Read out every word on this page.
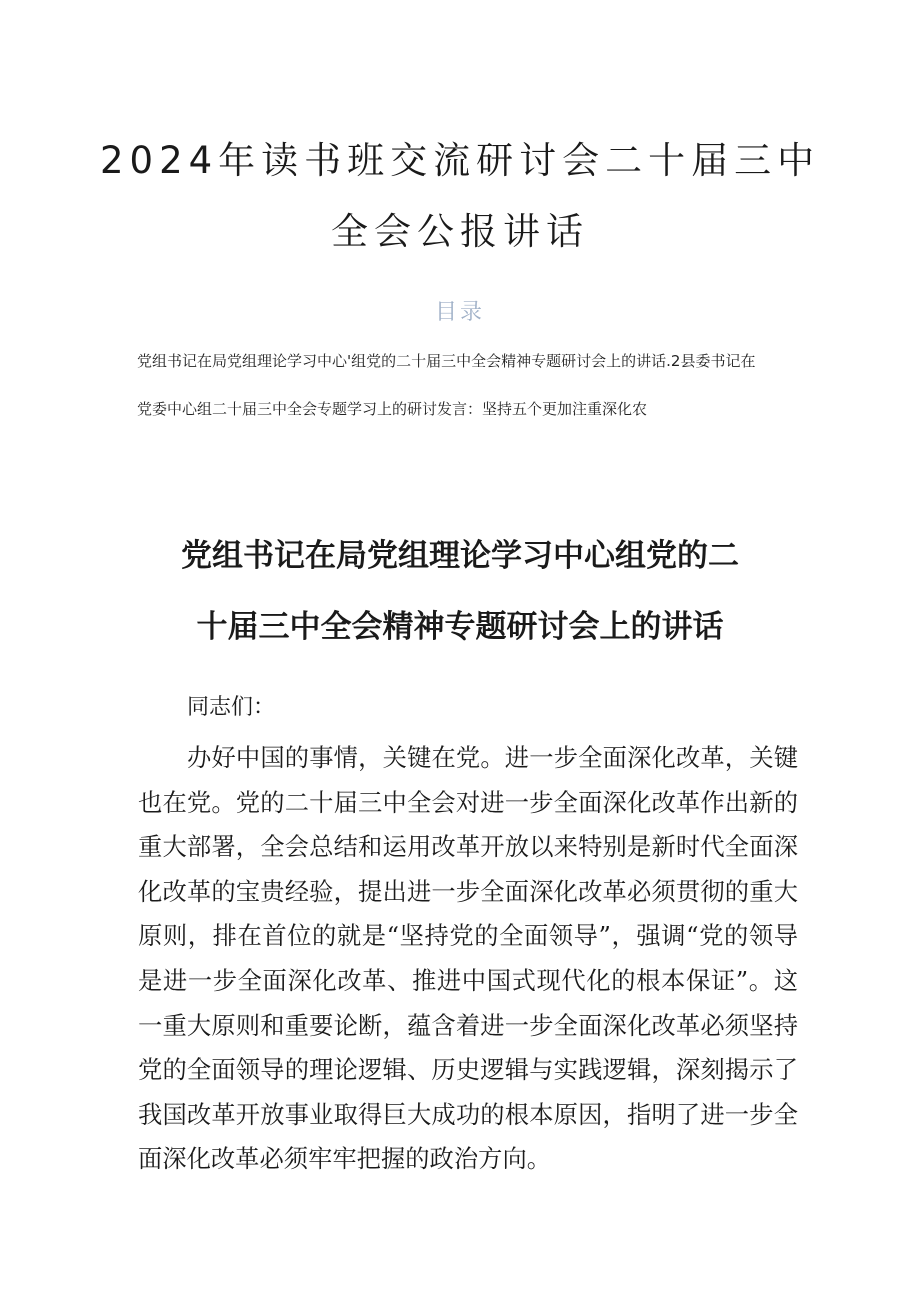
2024年读书班交流研讨会二十届三中
全会公报讲话
目录
党组书记在局党组理论学习中心'组党的二十届三中全会精神专题研讨会上的讲话.2县委书记在
党委中心组二十届三中全会专题学习上的研讨发言：坚持五个更加注重深化农
党组书记在局党组理论学习中心组党的二
十届三中全会精神专题研讨会上的讲话
同志们：

办好中国的事情，关键在党。进一步全面深化改革，关键也在党。党的二十届三中全会对进一步全面深化改革作出新的重大部署，全会总结和运用改革开放以来特别是新时代全面深化改革的宝贵经验，提出进一步全面深化改革必须贯彻的重大原则，排在首位的就是“坚持党的全面领导”，强调“党的领导是进一步全面深化改革、推进中国式现代化的根本保证”。这一重大原则和重要论断，蕴含着进一步全面深化改革必须坚持党的全面领导的理论逻辑、历史逻辑与实践逻辑，深刻揭示了我国改革开放事业取得巨大成功的根本原因，指明了进一步全面深化改革必须牢牢把握的政治方向。
